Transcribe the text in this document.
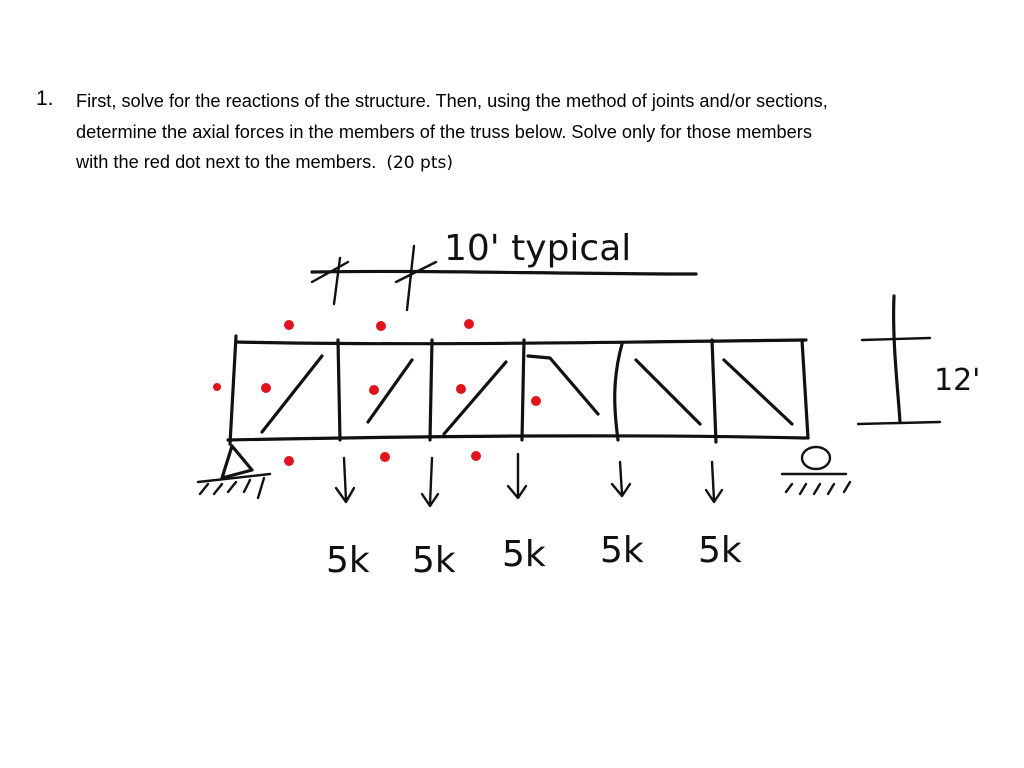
1. First, solve for the reactions of the structure. Then, using the method of joints and/or sections,
determine the axial forces in the members of the truss below. Solve only for those members
with the red dot next to the members. (20 pts)
10' typical
12'
5k 5k 5k 5k 5k
